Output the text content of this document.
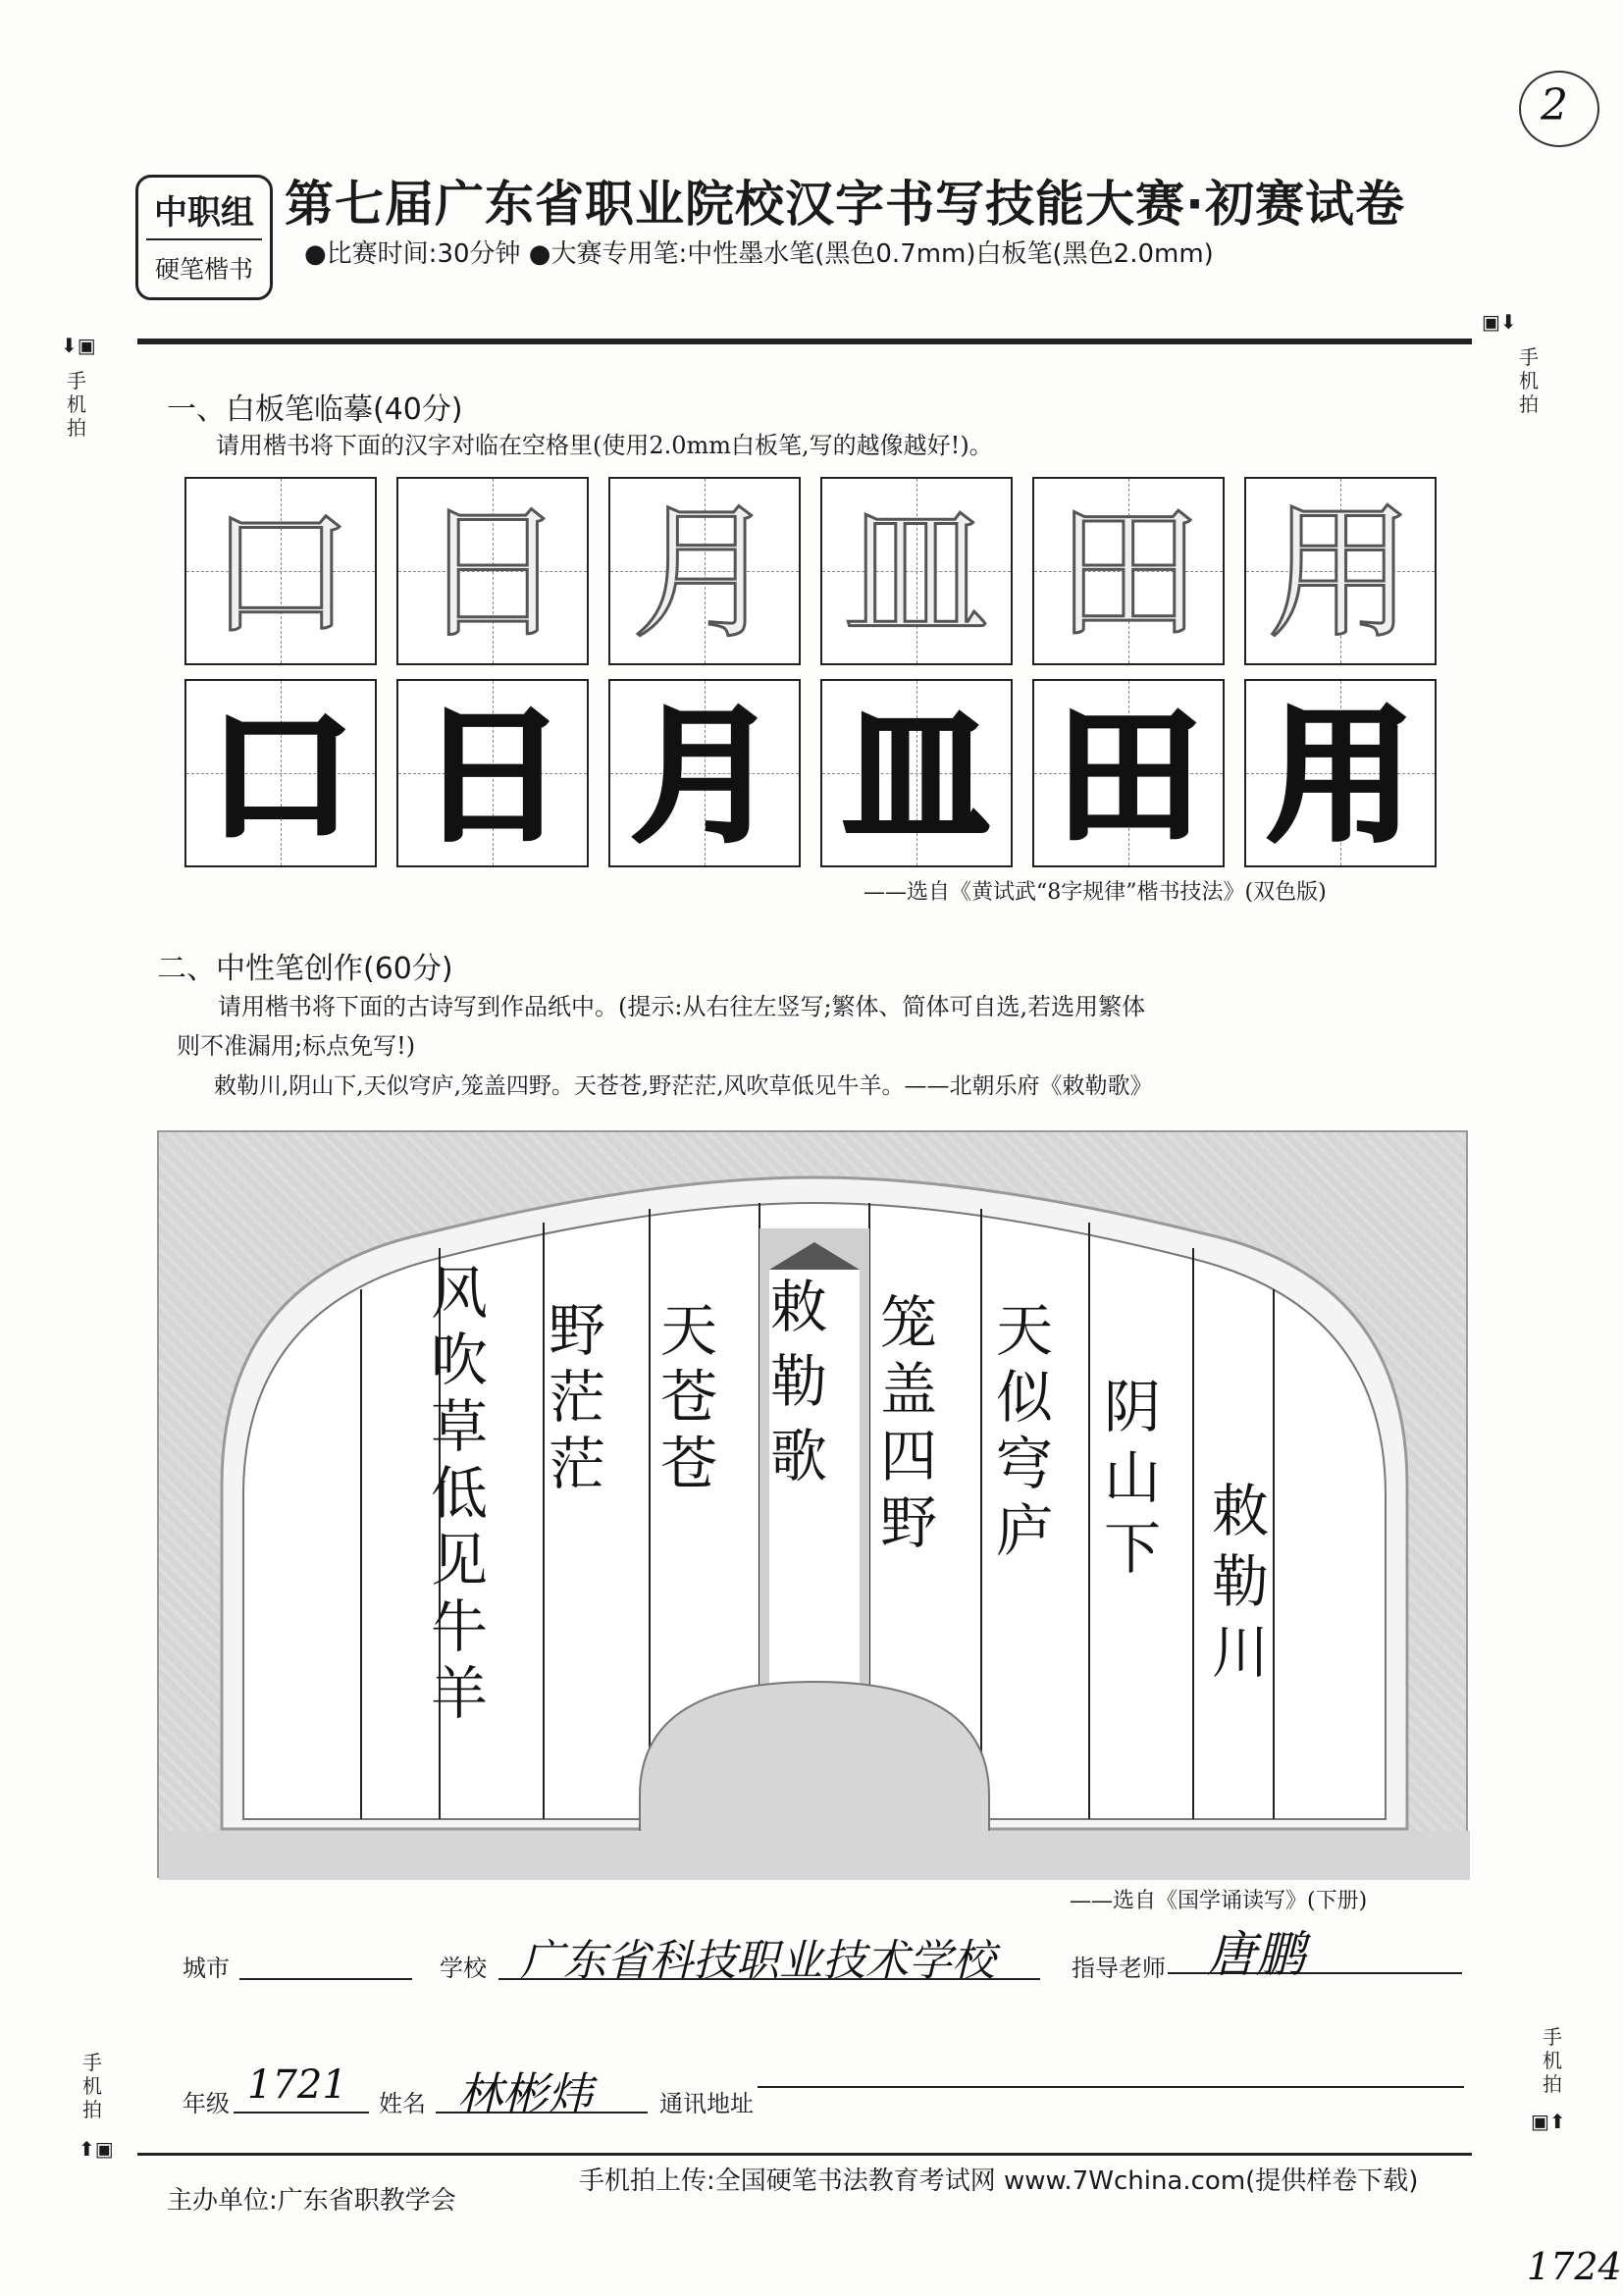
2
中职组
硬笔楷书
第七届广东省职业院校汉字书写技能大赛·初赛试卷
●比赛时间:30分钟 ●大赛专用笔:中性墨水笔(黑色0.7mm)白板笔(黑色2.0mm)
⬇▣
手
机
拍
▣⬇
手
机
拍
手
机
拍
⬆▣
手
机
拍
▣⬆
一、白板笔临摹(40分)
请用楷书将下面的汉字对临在空格里(使用2.0mm白板笔,写的越像越好!)。
口 日 月 皿 田 用
口 日 月 皿 田 用
——选自《黄试武“8字规律”楷书技法》(双色版)
二、中性笔创作(60分)
请用楷书将下面的古诗写到作品纸中。(提示:从右往左竖写;繁体、简体可自选,若选用繁体
则不准漏用;标点免写!)
敕勒川,阴山下,天似穹庐,笼盖四野。天苍苍,野茫茫,风吹草低见牛羊。——北朝乐府《敕勒歌》
风吹草低见牛羊
野茫茫
天苍苍
敕勒歌
笼盖四野
天似穹庐
阴山下
敕勒川
——选自《国学诵读写》(下册)
城市	学校 广东省科技职业技术学校	指导老师 唐鹏
年级 1721 姓名 林彬炜	通讯地址
主办单位:广东省职教学会
手机拍上传:全国硬笔书法教育考试网 www.7Wchina.com(提供样卷下载)
1724
